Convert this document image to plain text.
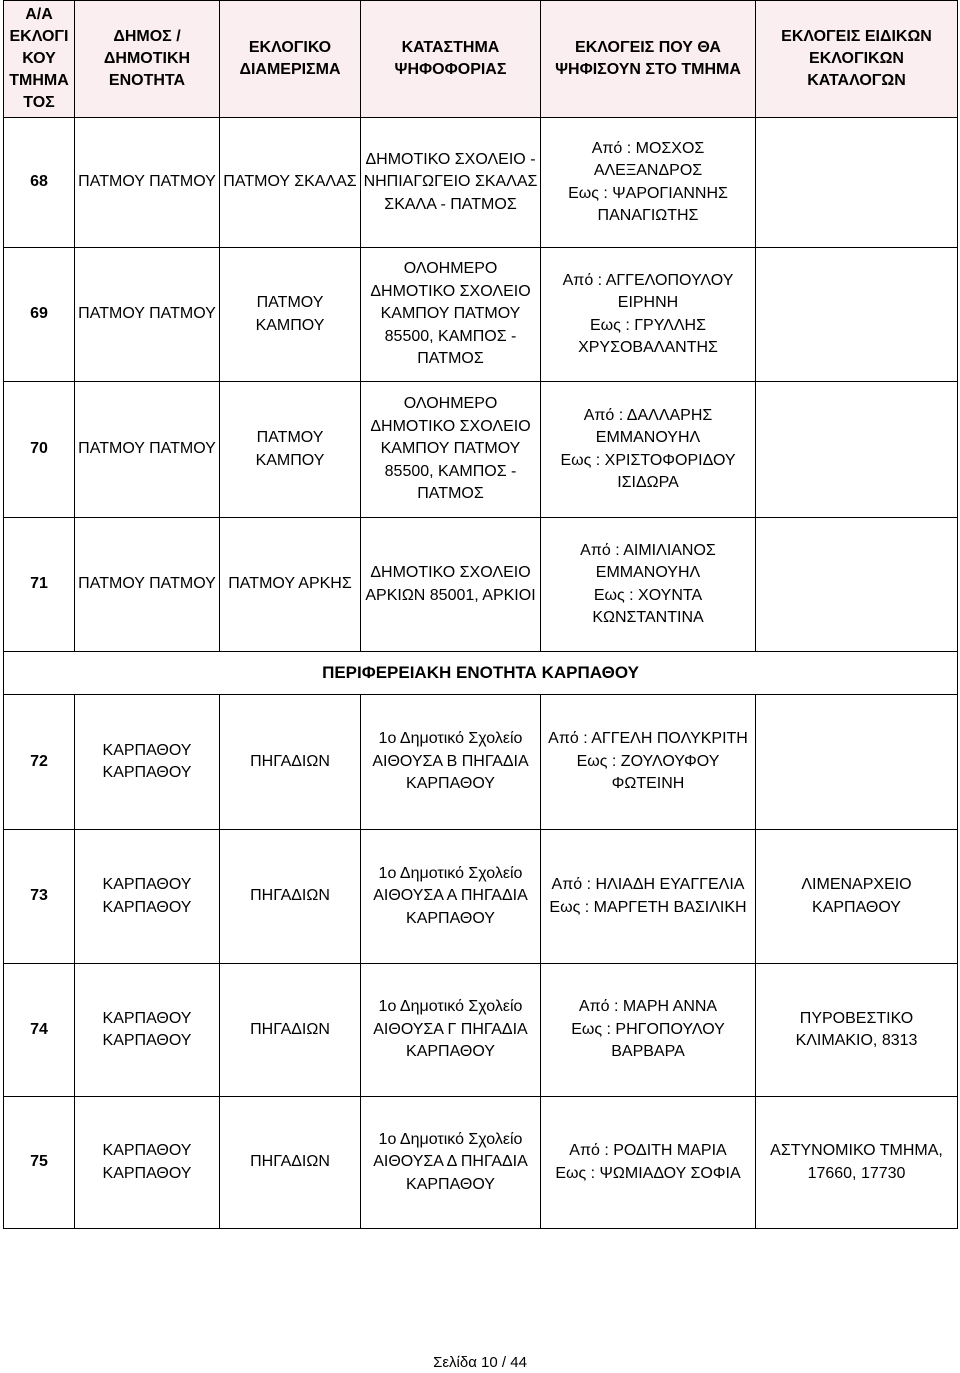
Α/Α ΕΚΛΟΓΙ ΚΟΥ ΤΜΗΜΑ ΤΟΣ	ΔΗΜΟΣ / ΔΗΜΟΤΙΚΗ ΕΝΟΤΗΤΑ	ΕΚΛΟΓΙΚΟ ΔΙΑΜΕΡΙΣΜΑ	ΚΑΤΑΣΤΗΜΑ ΨΗΦΟΦΟΡΙΑΣ	ΕΚΛΟΓΕΙΣ ΠΟΥ ΘΑ ΨΗΦΙΣΟΥΝ ΣΤΟ ΤΜΗΜΑ	ΕΚΛΟΓΕΙΣ ΕΙΔΙΚΩΝ ΕΚΛΟΓΙΚΩΝ ΚΑΤΑΛΟΓΩΝ
68	ΠΑΤΜΟΥ ΠΑΤΜΟΥ	ΠΑΤΜΟΥ ΣΚΑΛΑΣ	ΔΗΜΟΤΙΚΟ ΣΧΟΛΕΙΟ - ΝΗΠΙΑΓΩΓΕΙΟ ΣΚΑΛΑΣ ΣΚΑΛΑ - ΠΑΤΜΟΣ	Από : ΜΟΣΧΟΣ ΑΛΕΞΑΝΔΡΟΣ
Εως : ΨΑΡΟΓΙΑΝΝΗΣ ΠΑΝΑΓΙΩΤΗΣ	

69	ΠΑΤΜΟΥ ΠΑΤΜΟΥ	ΠΑΤΜΟΥ ΚΑΜΠΟΥ	ΟΛΟΗΜΕΡΟ ΔΗΜΟΤΙΚΟ ΣΧΟΛΕΙΟ ΚΑΜΠΟΥ ΠΑΤΜΟΥ 85500, ΚΑΜΠΟΣ - ΠΑΤΜΟΣ	Από : ΑΓΓΕΛΟΠΟΥΛΟΥ ΕΙΡΗΝΗ
Εως : ΓΡΥΛΛΗΣ ΧΡΥΣΟΒΑΛΑΝΤΗΣ	

70	ΠΑΤΜΟΥ ΠΑΤΜΟΥ	ΠΑΤΜΟΥ ΚΑΜΠΟΥ	ΟΛΟΗΜΕΡΟ ΔΗΜΟΤΙΚΟ ΣΧΟΛΕΙΟ ΚΑΜΠΟΥ ΠΑΤΜΟΥ 85500, ΚΑΜΠΟΣ - ΠΑΤΜΟΣ	Από : ΔΑΛΛΑΡΗΣ ΕΜΜΑΝΟΥΗΛ
Εως : ΧΡΙΣΤΟΦΟΡΙΔΟΥ ΙΣΙΔΩΡΑ	

71	ΠΑΤΜΟΥ ΠΑΤΜΟΥ	ΠΑΤΜΟΥ ΑΡΚΗΣ	ΔΗΜΟΤΙΚΟ ΣΧΟΛΕΙΟ ΑΡΚΙΩΝ 85001, ΑΡΚΙΟΙ	Από : ΑΙΜΙΛΙΑΝΟΣ ΕΜΜΑΝΟΥΗΛ
Εως : ΧΟΥΝΤΑ ΚΩΝΣΤΑΝΤΙΝΑ	

ΠΕΡΙΦΕΡΕΙΑΚΗ ΕΝΟΤΗΤΑ ΚΑΡΠΑΘΟΥ					
72	ΚΑΡΠΑΘΟΥ ΚΑΡΠΑΘΟΥ	ΠΗΓΑΔΙΩΝ	1ο Δημοτικό Σχολείο ΑΙΘΟΥΣΑ Β ΠΗΓΑΔΙΑ ΚΑΡΠΑΘΟΥ	Από : ΑΓΓΕΛΗ ΠΟΛΥΚΡΙΤΗ
Εως : ΖΟΥΛΟΥΦΟΥ ΦΩΤΕΙΝΗ	

73	ΚΑΡΠΑΘΟΥ ΚΑΡΠΑΘΟΥ	ΠΗΓΑΔΙΩΝ	1ο Δημοτικό Σχολείο ΑΙΘΟΥΣΑ Α ΠΗΓΑΔΙΑ ΚΑΡΠΑΘΟΥ	Από : ΗΛΙΑΔΗ ΕΥΑΓΓΕΛΙΑ
Εως : ΜΑΡΓΕΤΗ ΒΑΣΙΛΙΚΗ	ΛΙΜΕΝΑΡΧΕΙΟ ΚΑΡΠΑΘΟΥ
74	ΚΑΡΠΑΘΟΥ ΚΑΡΠΑΘΟΥ	ΠΗΓΑΔΙΩΝ	1ο Δημοτικό Σχολείο ΑΙΘΟΥΣΑ Γ ΠΗΓΑΔΙΑ ΚΑΡΠΑΘΟΥ	Από : ΜΑΡΗ ΑΝΝΑ
Εως : ΡΗΓΟΠΟΥΛΟΥ ΒΑΡΒΑΡΑ	ΠΥΡΟΒΕΣΤΙΚΟ ΚΛΙΜΑΚΙΟ, 8313
75	ΚΑΡΠΑΘΟΥ ΚΑΡΠΑΘΟΥ	ΠΗΓΑΔΙΩΝ	1ο Δημοτικό Σχολείο ΑΙΘΟΥΣΑ Δ ΠΗΓΑΔΙΑ ΚΑΡΠΑΘΟΥ	Από : ΡΟΔΙΤΗ ΜΑΡΙΑ
Εως : ΨΩΜΙΑΔΟΥ ΣΟΦΙΑ	ΑΣΤΥΝΟΜΙΚΟ ΤΜΗΜΑ, 17660, 17730
Σελίδα 10 / 44
